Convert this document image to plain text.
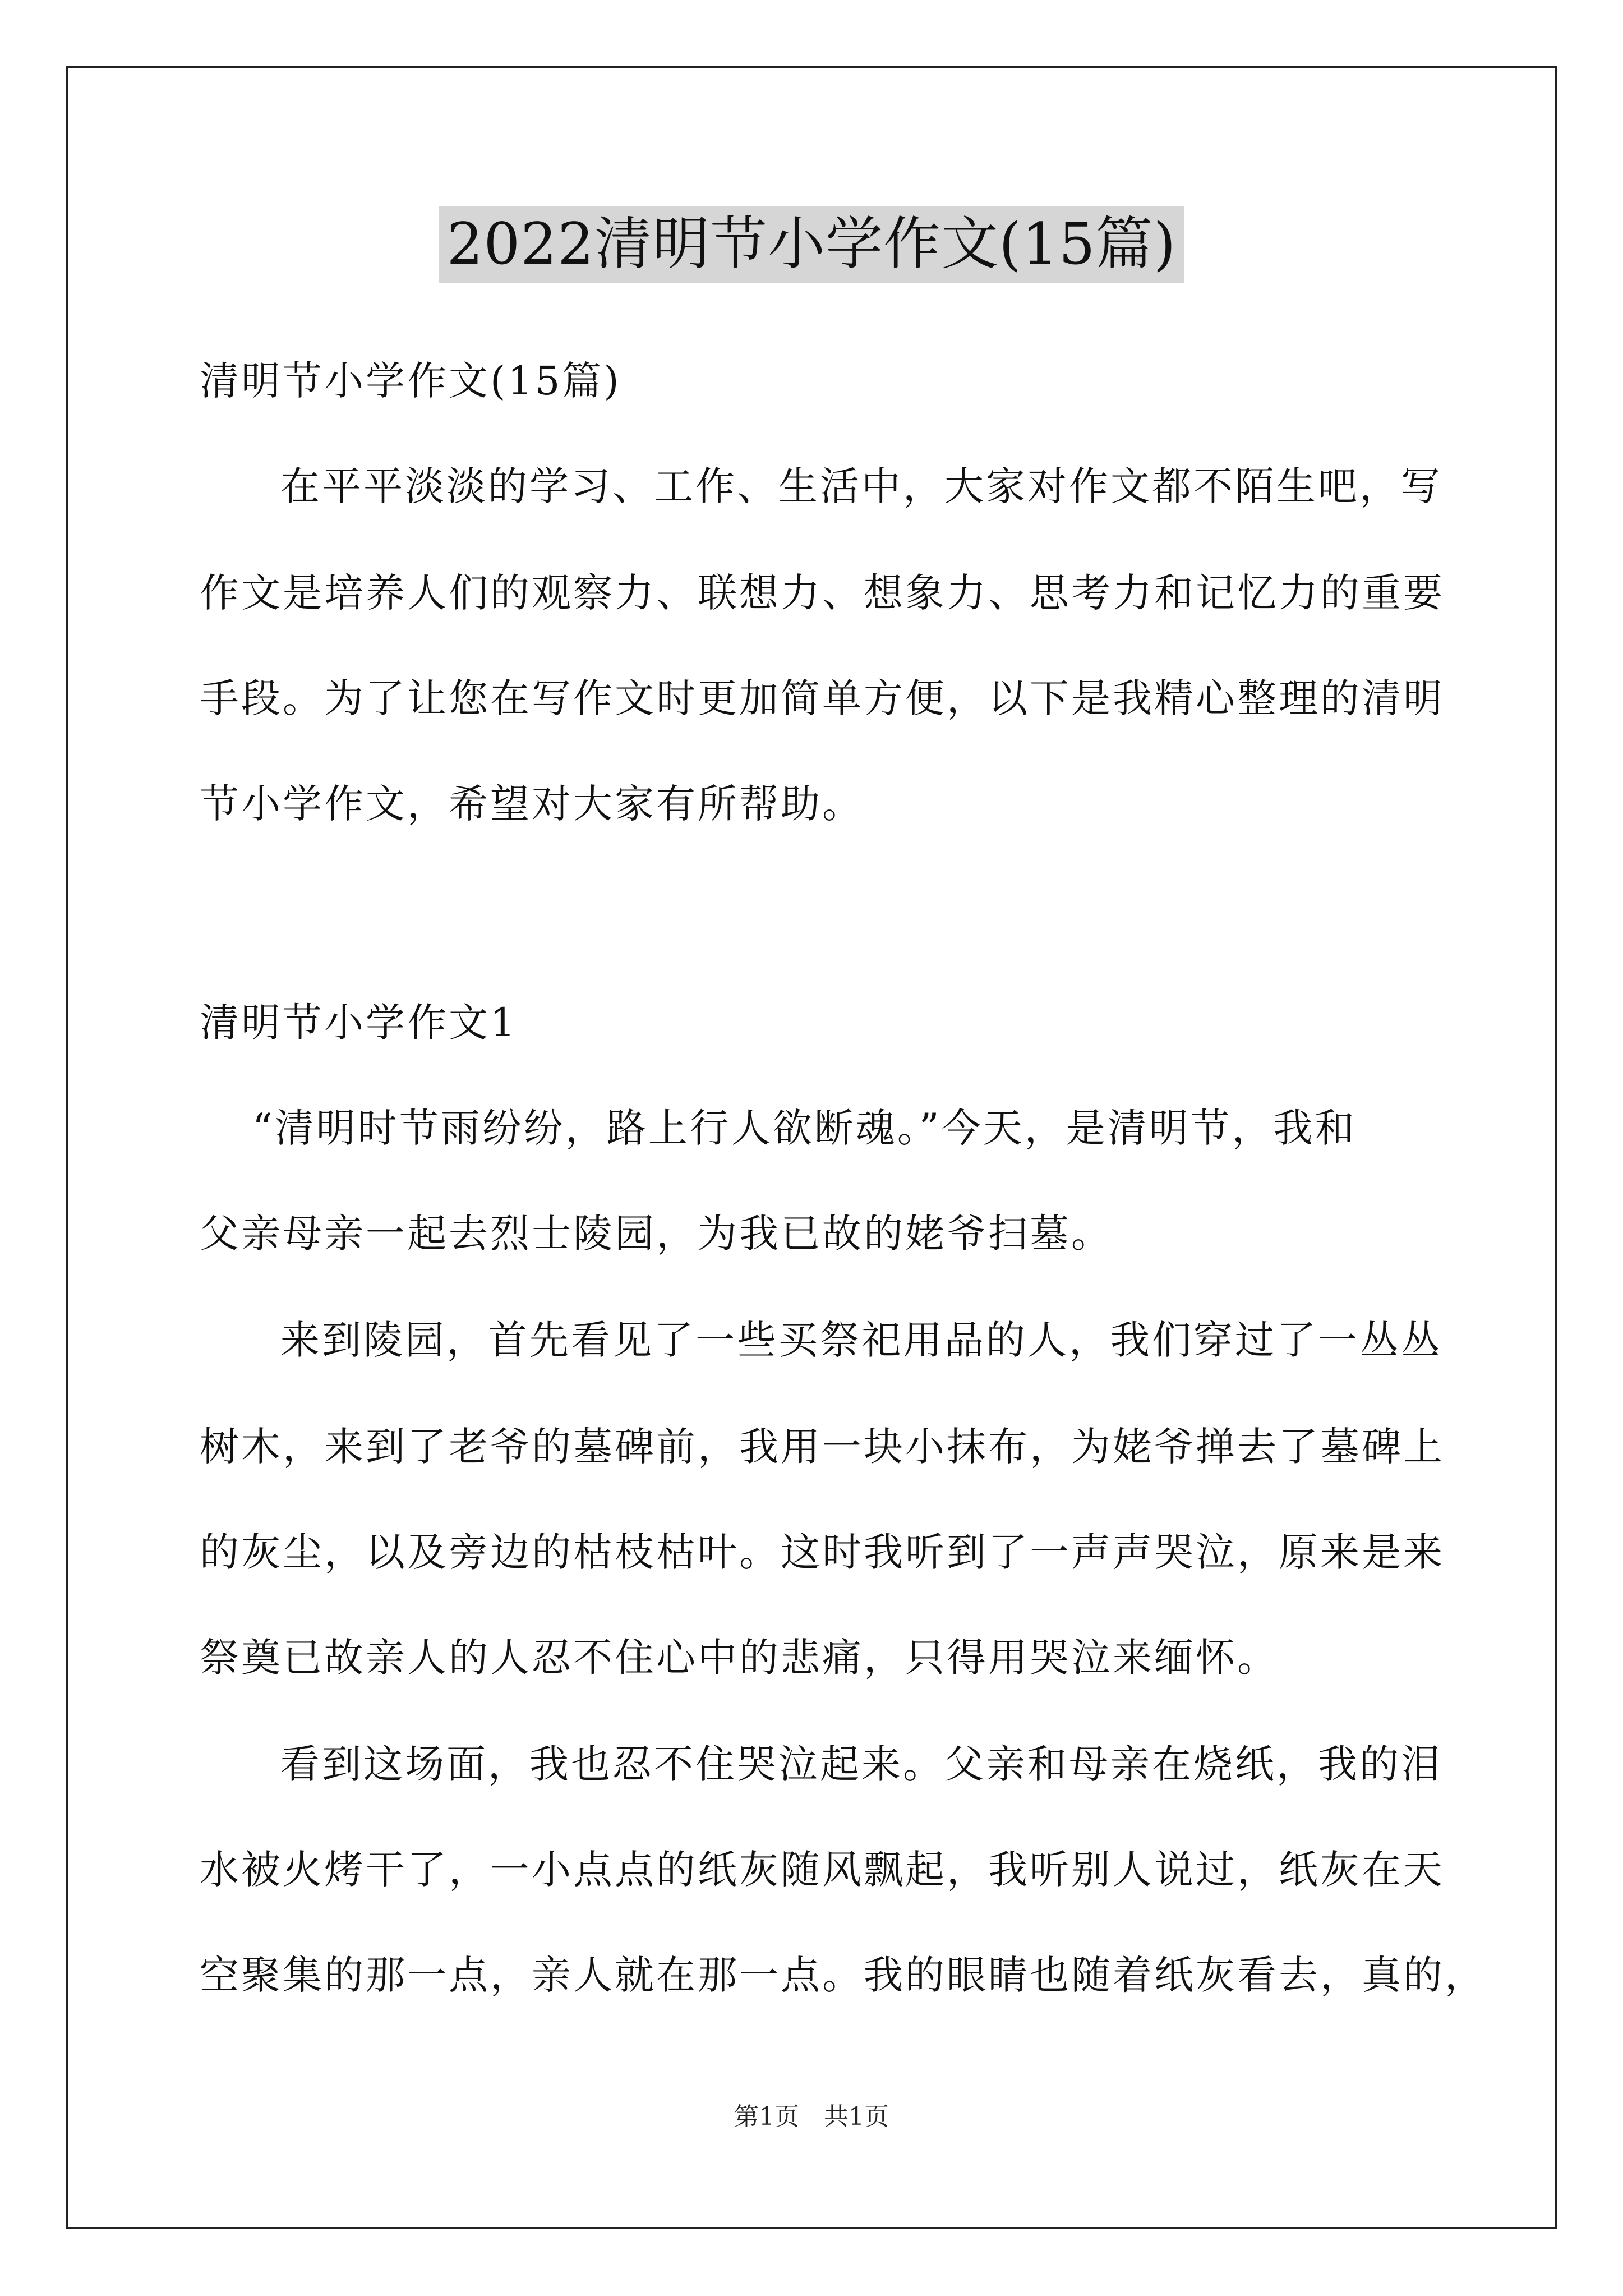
2022清明节小学作文(15篇)
清明节小学作文(15篇)
在平平淡淡的学习、工作、生活中，大家对作文都不陌生吧，写
作文是培养人们的观察力、联想力、想象力、思考力和记忆力的重要
手段。为了让您在写作文时更加简单方便，以下是我精心整理的清明
节小学作文，希望对大家有所帮助。
清明节小学作文1
“清明时节雨纷纷，路上行人欲断魂。”今天，是清明节，我和
父亲母亲一起去烈士陵园，为我已故的姥爷扫墓。
来到陵园，首先看见了一些买祭祀用品的人，我们穿过了一丛丛
树木，来到了老爷的墓碑前，我用一块小抹布，为姥爷掸去了墓碑上
的灰尘，以及旁边的枯枝枯叶。这时我听到了一声声哭泣，原来是来
祭奠已故亲人的人忍不住心中的悲痛，只得用哭泣来缅怀。
看到这场面，我也忍不住哭泣起来。父亲和母亲在烧纸，我的泪
水被火烤干了，一小点点的纸灰随风飘起，我听别人说过，纸灰在天
空聚集的那一点，亲人就在那一点。我的眼睛也随着纸灰看去，真的，
第1页　共1页
